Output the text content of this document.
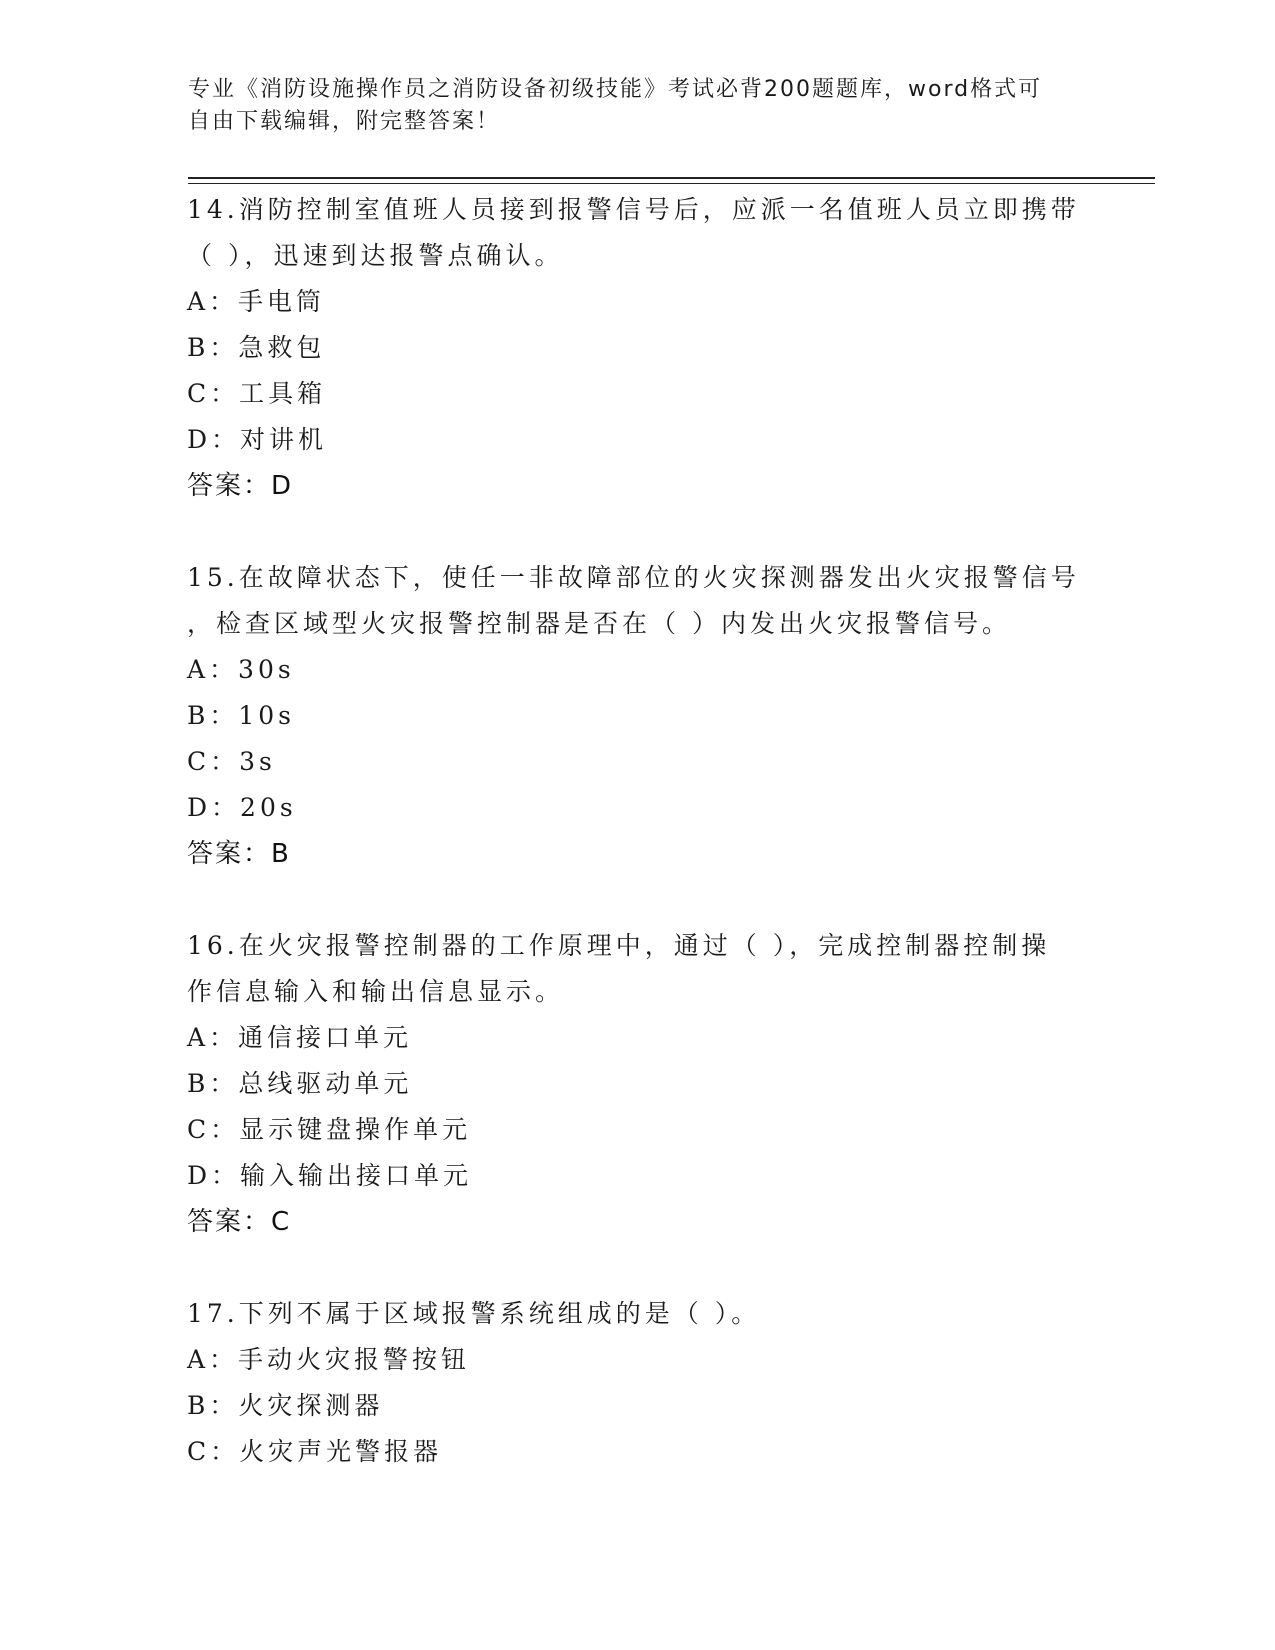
专业《消防设施操作员之消防设备初级技能》考试必背200题题库，word格式可
自由下载编辑，附完整答案！

14.消防控制室值班人员接到报警信号后，应派一名值班人员立即携带

（ ），迅速到达报警点确认。

A：手电筒

B：急救包

C：工具箱

D：对讲机

答案：D

15.在故障状态下，使任一非故障部位的火灾探测器发出火灾报警信号

，检查区域型火灾报警控制器是否在（ ）内发出火灾报警信号。

A：30s

B：10s

C：3s

D：20s

答案：B

16.在火灾报警控制器的工作原理中，通过（ ），完成控制器控制操

作信息输入和输出信息显示。

A：通信接口单元

B：总线驱动单元

C：显示键盘操作单元

D：输入输出接口单元

答案：C

17.下列不属于区域报警系统组成的是（ ）。

A：手动火灾报警按钮

B：火灾探测器

C：火灾声光警报器
